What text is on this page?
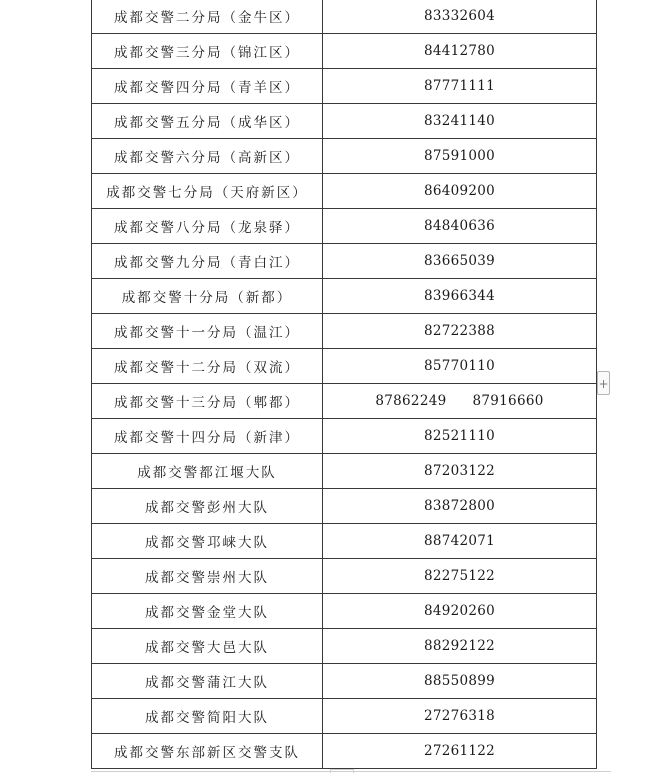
成都交警二分局（金牛区）	83332604
成都交警三分局（锦江区）	84412780
成都交警四分局（青羊区）	87771111
成都交警五分局（成华区）	83241140
成都交警六分局（高新区）	87591000
成都交警七分局（天府新区）	86409200
成都交警八分局（龙泉驿）	84840636
成都交警九分局（青白江）	83665039
成都交警十分局（新都）	83966344
成都交警十一分局（温江）	82722388
成都交警十二分局（双流）	85770110
成都交警十三分局（郫都）	87862249 87916660

成都交警十四分局（新津）	82521110
成都交警都江堰大队	87203122
成都交警彭州大队	83872800
成都交警邛崃大队	88742071
成都交警崇州大队	82275122
成都交警金堂大队	84920260
成都交警大邑大队	88292122
成都交警蒲江大队	88550899
成都交警简阳大队	27276318
成都交警东部新区交警支队	27261122
+
